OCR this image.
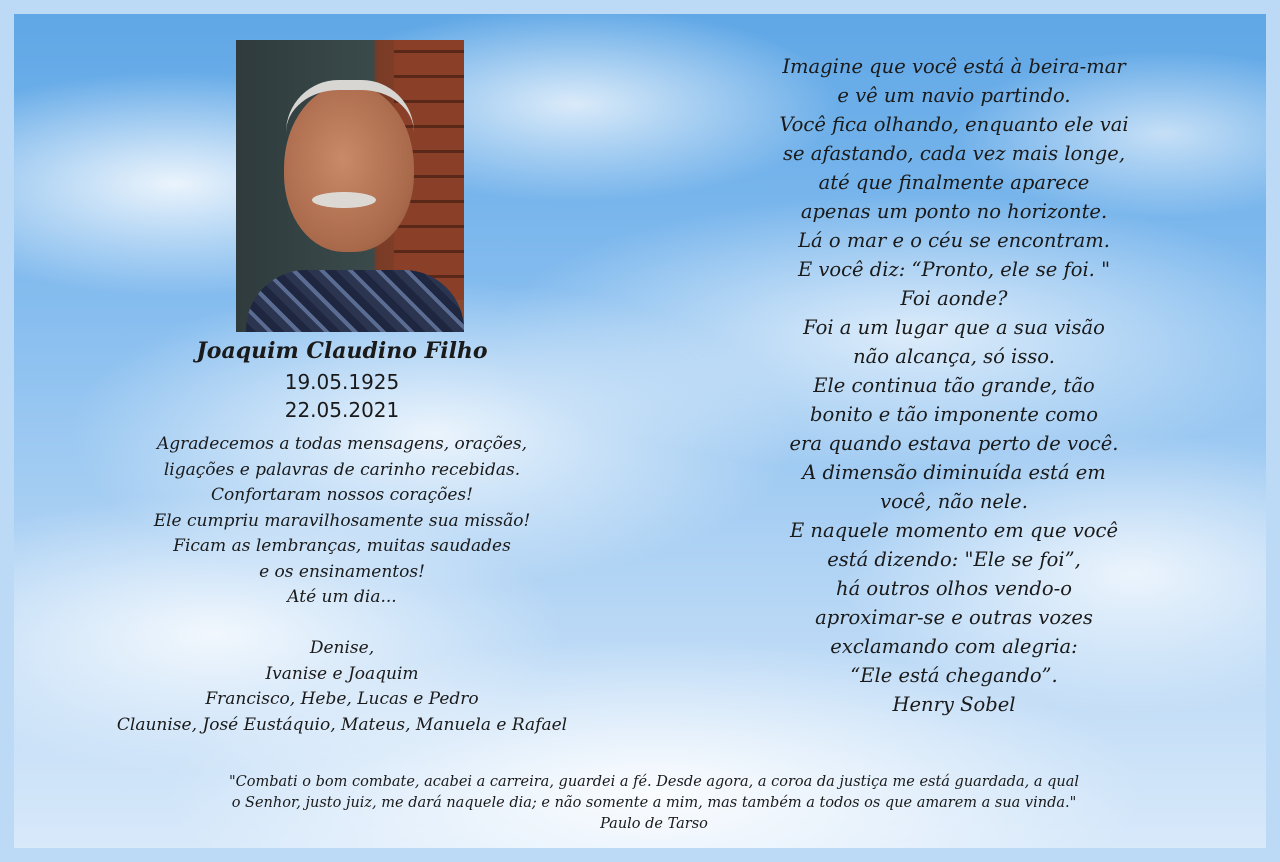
Joaquim Claudino Filho

19.05.1925

22.05.2021

Agradecemos a todas mensagens, orações,
ligações e palavras de carinho recebidas.
Confortaram nossos corações!
Ele cumpriu maravilhosamente sua missão!
Ficam as lembranças, muitas saudades
e os ensinamentos!
Até um dia...
Denise,
Ivanise e Joaquim
Francisco, Hebe, Lucas e Pedro
Claunise, José Eustáquio, Mateus, Manuela e Rafael
Imagine que você está à beira-mar
e vê um navio partindo.
Você fica olhando, enquanto ele vai
se afastando, cada vez mais longe,
até que finalmente aparece
apenas um ponto no horizonte.
Lá o mar e o céu se encontram.
E você diz: “Pronto, ele se foi. "
Foi aonde?
Foi a um lugar que a sua visão
não alcança, só isso.
Ele continua tão grande, tão
bonito e tão imponente como
era quando estava perto de você.
A dimensão diminuída está em
você, não nele.
E naquele momento em que você
está dizendo: "Ele se foi”,
há outros olhos vendo-o
aproximar-se e outras vozes
exclamando com alegria:
“Ele está chegando”.
Henry Sobel
"Combati o bom combate, acabei a carreira, guardei a fé. Desde agora, a coroa da justiça me está guardada, a qual
o Senhor, justo juiz, me dará naquele dia; e não somente a mim, mas também a todos os que amarem a sua vinda."
Paulo de Tarso
